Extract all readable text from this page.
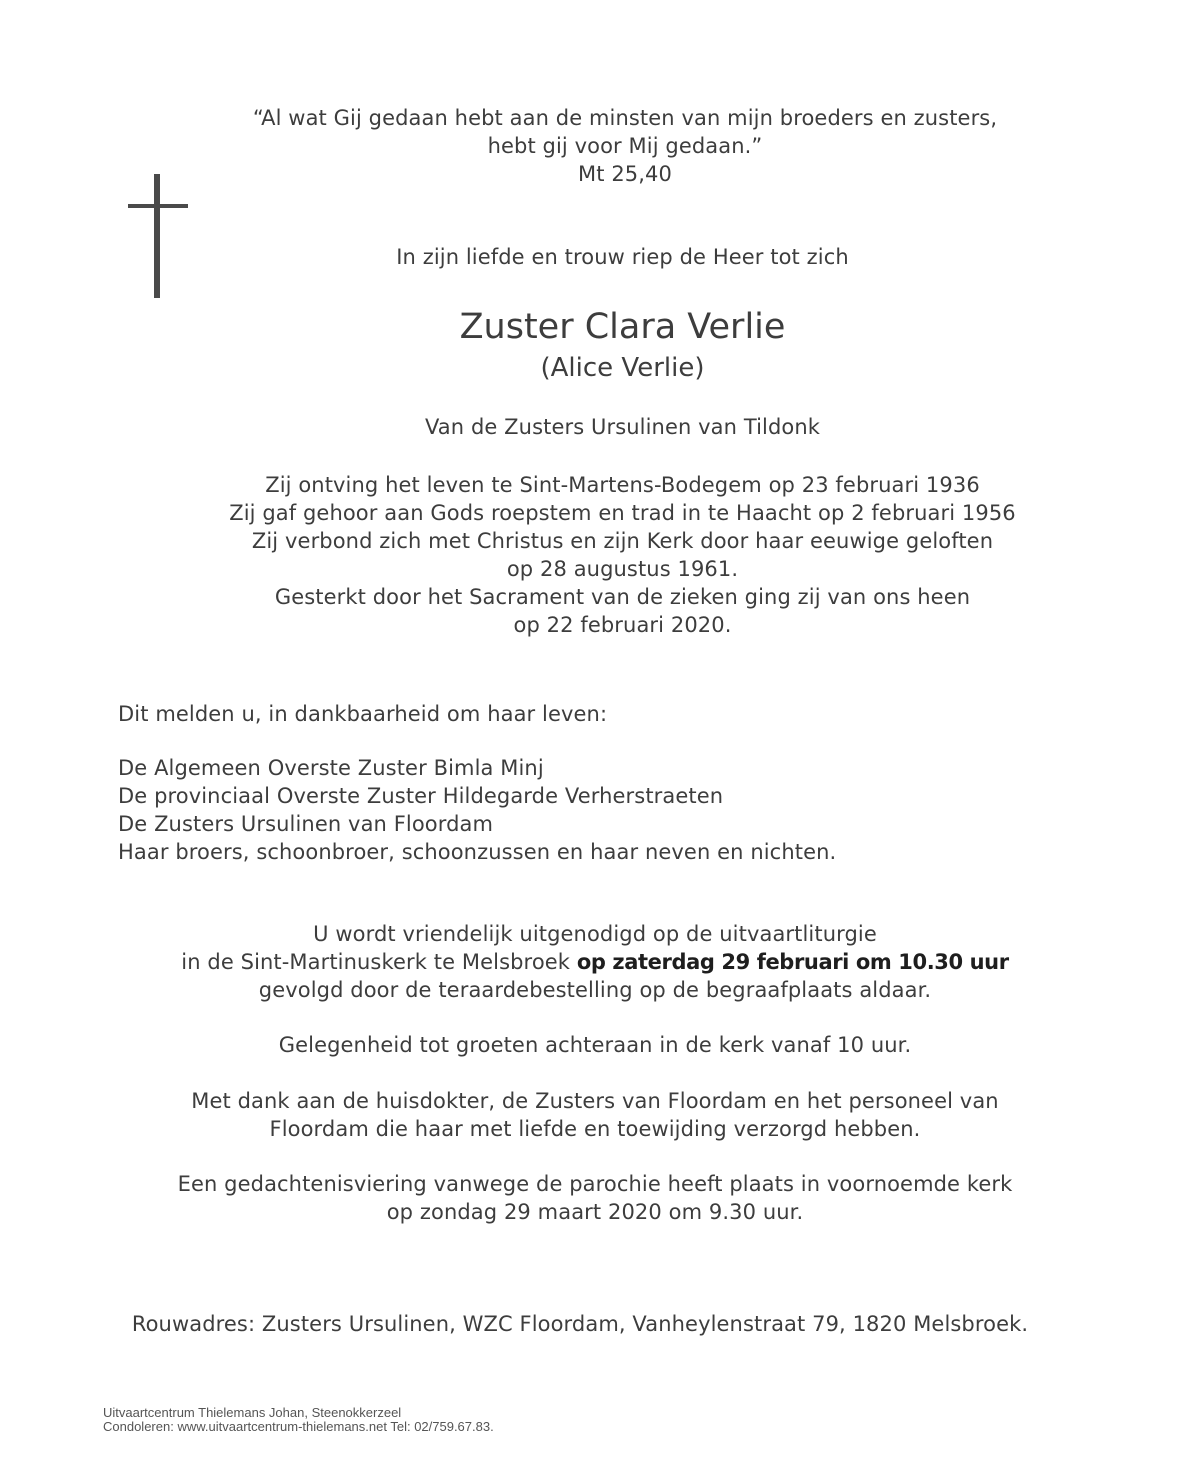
“Al wat Gij gedaan hebt aan de minsten van mijn broeders en zusters,
hebt gij voor Mij gedaan.”
Mt 25,40
In zijn liefde en trouw riep de Heer tot zich
Zuster Clara Verlie
(Alice Verlie)
Van de Zusters Ursulinen van Tildonk
Zij ontving het leven te Sint-Martens-Bodegem op 23 februari 1936
Zij gaf gehoor aan Gods roepstem en trad in te Haacht op 2 februari 1956
Zij verbond zich met Christus en zijn Kerk door haar eeuwige geloften
op 28 augustus 1961.
Gesterkt door het Sacrament van de zieken ging zij van ons heen
op 22 februari 2020.
Dit melden u, in dankbaarheid om haar leven:
De Algemeen Overste Zuster Bimla Minj
De provinciaal Overste Zuster Hildegarde Verherstraeten
De Zusters Ursulinen van Floordam
Haar broers, schoonbroer, schoonzussen en haar neven en nichten.
U wordt vriendelijk uitgenodigd op de uitvaartliturgie
in de Sint-Martinuskerk te Melsbroek op zaterdag 29 februari om 10.30 uur
gevolgd door de teraardebestelling op de begraafplaats aldaar.
Gelegenheid tot groeten achteraan in de kerk vanaf 10 uur.
Met dank aan de huisdokter, de Zusters van Floordam en het personeel van
Floordam die haar met liefde en toewijding verzorgd hebben.
Een gedachtenisviering vanwege de parochie heeft plaats in voornoemde kerk
op zondag 29 maart 2020 om 9.30 uur.
Rouwadres: Zusters Ursulinen, WZC Floordam, Vanheylenstraat 79, 1820 Melsbroek.
Uitvaartcentrum Thielemans Johan, Steenokkerzeel
Condoleren: www.uitvaartcentrum-thielemans.net Tel: 02/759.67.83.
